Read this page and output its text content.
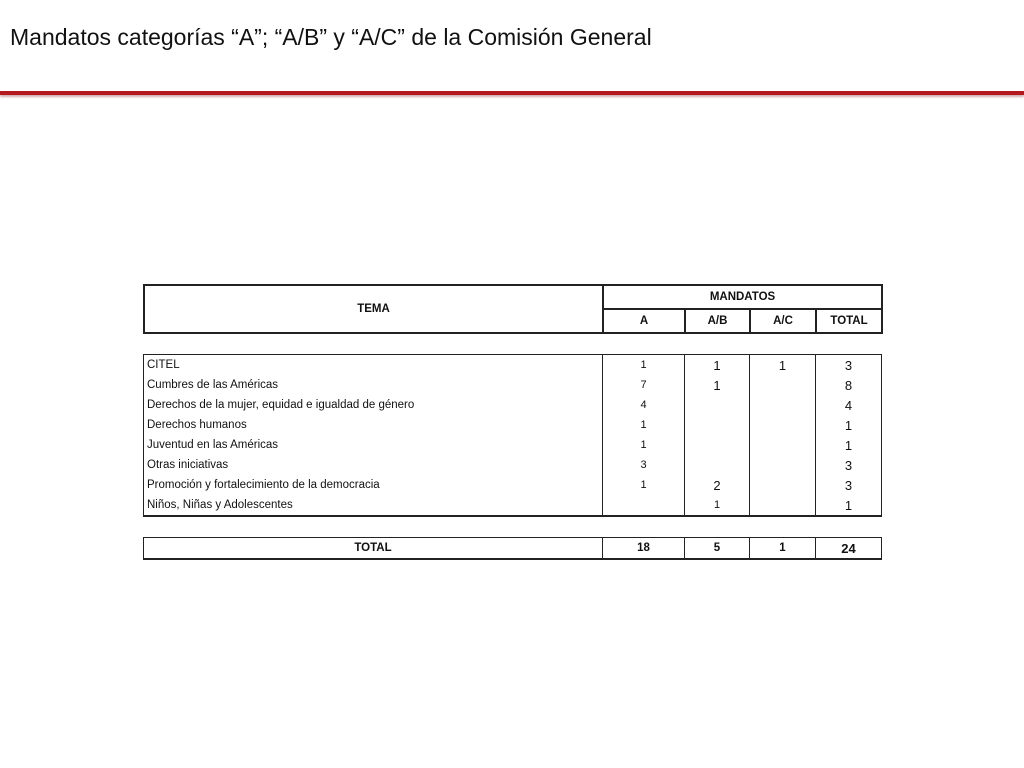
Mandatos categorías “A”; “A/B” y “A/C” de la Comisión General
TEMA	MANDATOS			
	A	A/B	A/C	TOTAL
CITEL	1	1	1	3
Cumbres de las Américas	7	1		8
Derechos de la mujer, equidad e igualdad de género	4			4
Derechos humanos	1			1
Juventud en las Américas	1			1
Otras iniciativas	3			3
Promoción y fortalecimiento de la democracia	1	2		3
Niños, Niñas y Adolescentes		1		1
TOTAL	18	5	1	24
